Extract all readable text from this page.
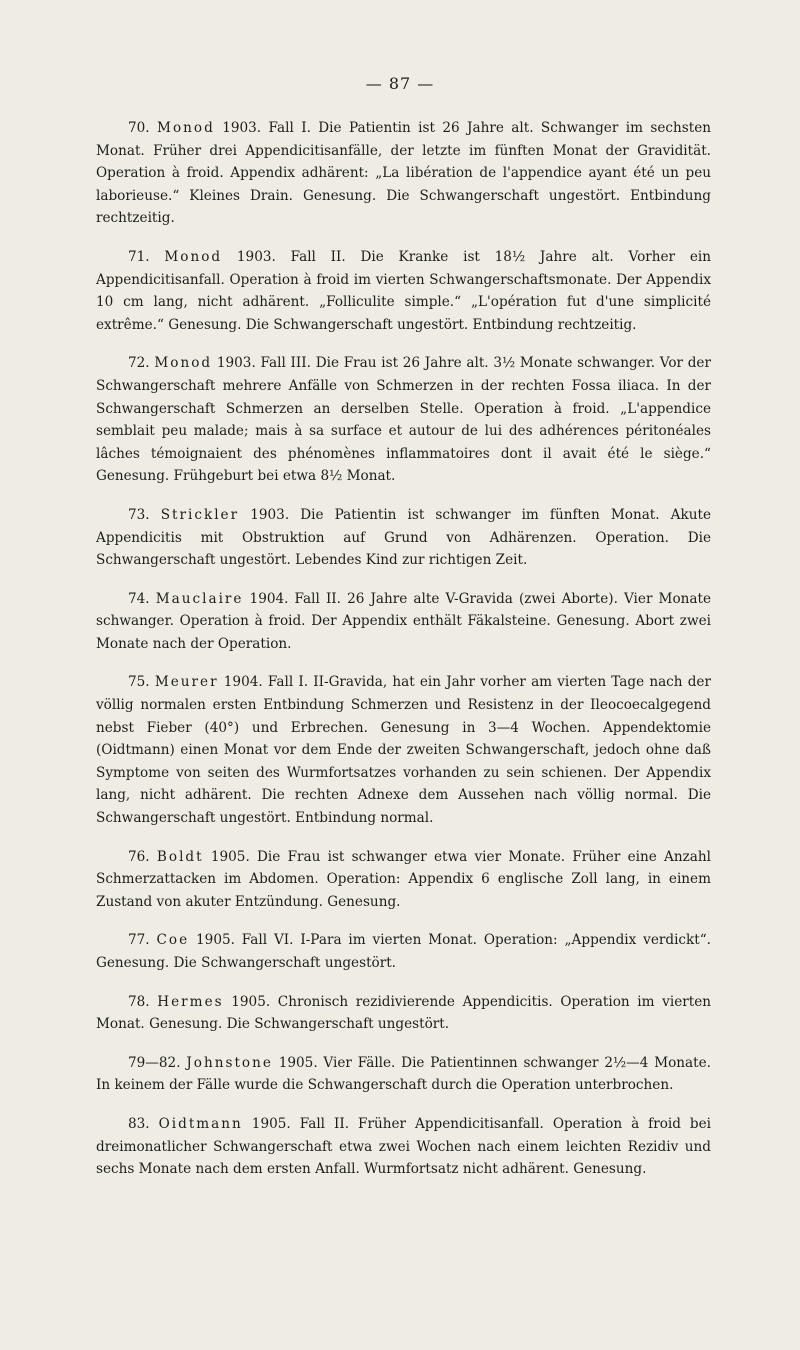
— 87 —

70. Monod 1903. Fall I. Die Patientin ist 26 Jahre alt. Schwanger im sechsten Monat. Früher drei Appendicitisanfälle, der letzte im fünften Monat der Gravidität. Operation à froid. Appendix adhärent: „La libération de l'appendice ayant été un peu laborieuse.“ Kleines Drain. Genesung. Die Schwangerschaft ungestört. Entbindung rechtzeitig.

71. Monod 1903. Fall II. Die Kranke ist 18½ Jahre alt. Vorher ein Appendicitisanfall. Operation à froid im vierten Schwangerschaftsmonate. Der Appendix 10 cm lang, nicht adhärent. „Folliculite simple.“ „L'opération fut d'une simplicité extrême.“ Genesung. Die Schwangerschaft ungestört. Entbindung rechtzeitig.

72. Monod 1903. Fall III. Die Frau ist 26 Jahre alt. 3½ Monate schwanger. Vor der Schwangerschaft mehrere Anfälle von Schmerzen in der rechten Fossa iliaca. In der Schwangerschaft Schmerzen an derselben Stelle. Operation à froid. „L'appendice semblait peu malade; mais à sa surface et autour de lui des adhérences péritonéales lâches témoignaient des phénomènes inflammatoires dont il avait été le siège.“ Genesung. Frühgeburt bei etwa 8½ Monat.

73. Strickler 1903. Die Patientin ist schwanger im fünften Monat. Akute Appendicitis mit Obstruktion auf Grund von Adhärenzen. Operation. Die Schwangerschaft ungestört. Lebendes Kind zur richtigen Zeit.

74. Mauclaire 1904. Fall II. 26 Jahre alte V-Gravida (zwei Aborte). Vier Monate schwanger. Operation à froid. Der Appendix enthält Fäkalsteine. Genesung. Abort zwei Monate nach der Operation.

75. Meurer 1904. Fall I. II-Gravida, hat ein Jahr vorher am vierten Tage nach der völlig normalen ersten Entbindung Schmerzen und Resistenz in der Ileocoecalgegend nebst Fieber (40°) und Erbrechen. Genesung in 3—4 Wochen. Appendektomie (Oidtmann) einen Monat vor dem Ende der zweiten Schwangerschaft, jedoch ohne daß Symptome von seiten des Wurmfortsatzes vorhanden zu sein schienen. Der Appendix lang, nicht adhärent. Die rechten Adnexe dem Aussehen nach völlig normal. Die Schwangerschaft ungestört. Entbindung normal.

76. Boldt 1905. Die Frau ist schwanger etwa vier Monate. Früher eine Anzahl Schmerzattacken im Abdomen. Operation: Appendix 6 englische Zoll lang, in einem Zustand von akuter Entzündung. Genesung.

77. Coe 1905. Fall VI. I-Para im vierten Monat. Operation: „Appendix verdickt“. Genesung. Die Schwangerschaft ungestört.

78. Hermes 1905. Chronisch rezidivierende Appendicitis. Operation im vierten Monat. Genesung. Die Schwangerschaft ungestört.

79—82. Johnstone 1905. Vier Fälle. Die Patientinnen schwanger 2½—4 Monate. In keinem der Fälle wurde die Schwangerschaft durch die Operation unterbrochen.

83. Oidtmann 1905. Fall II. Früher Appendicitisanfall. Operation à froid bei dreimonatlicher Schwangerschaft etwa zwei Wochen nach einem leichten Rezidiv und sechs Monate nach dem ersten Anfall. Wurmfortsatz nicht adhärent. Genesung.
